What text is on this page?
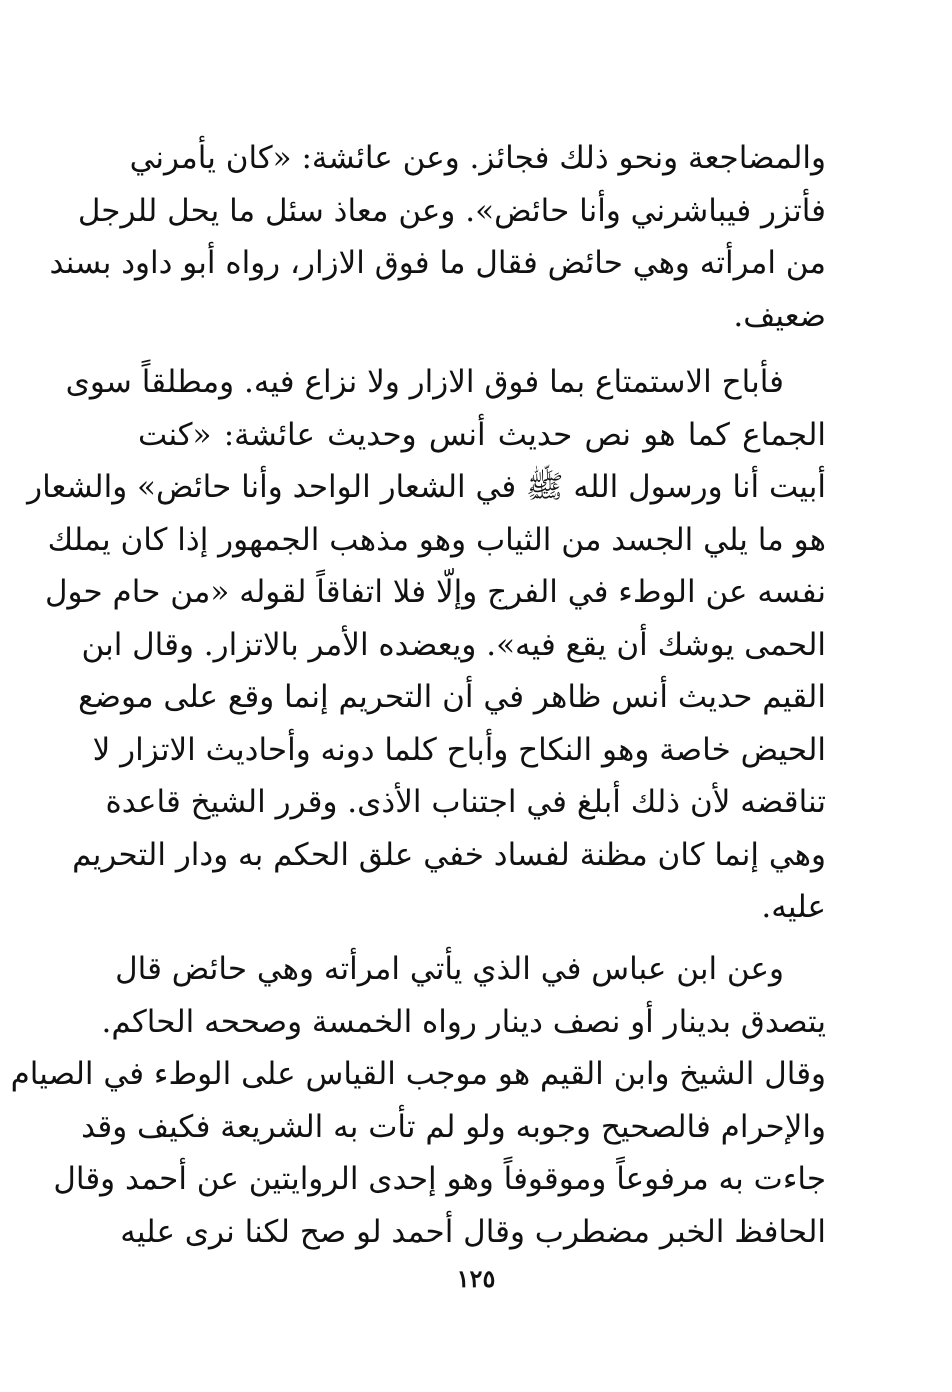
والمضاجعة ونحو ذلك فجائز. وعن عائشة: «كان يأمرني
فأتزر فيباشرني وأنا حائض». وعن معاذ سئل ما يحل للرجل
من امرأته وهي حائض فقال ما فوق الازار، رواه أبو داود بسند
ضعيف.
فأباح الاستمتاع بما فوق الازار ولا نزاع فيه. ومطلقاً سوى
الجماع كما هو نص حديث أنس وحديث عائشة: «كنت
أبيت أنا ورسول الله ﷺ في الشعار الواحد وأنا حائض» والشعار
هو ما يلي الجسد من الثياب وهو مذهب الجمهور إذا كان يملك
نفسه عن الوطء في الفرج وإلّا فلا اتفاقاً لقوله «من حام حول
الحمى يوشك أن يقع فيه». ويعضده الأمر بالاتزار. وقال ابن
القيم حديث أنس ظاهر في أن التحريم إنما وقع على موضع
الحيض خاصة وهو النكاح وأباح كلما دونه وأحاديث الاتزار لا
تناقضه لأن ذلك أبلغ في اجتناب الأذى. وقرر الشيخ قاعدة
وهي إنما كان مظنة لفساد خفي علق الحكم به ودار التحريم
عليه.
وعن ابن عباس في الذي يأتي امرأته وهي حائض قال
يتصدق بدينار أو نصف دينار رواه الخمسة وصححه الحاكم.
وقال الشيخ وابن القيم هو موجب القياس على الوطء في الصيام
والإحرام فالصحيح وجوبه ولو لم تأت به الشريعة فكيف وقد
جاءت به مرفوعاً وموقوفاً وهو إحدى الروايتين عن أحمد وقال
الحافظ الخبر مضطرب وقال أحمد لو صح لكنا نرى عليه
١٢٥
